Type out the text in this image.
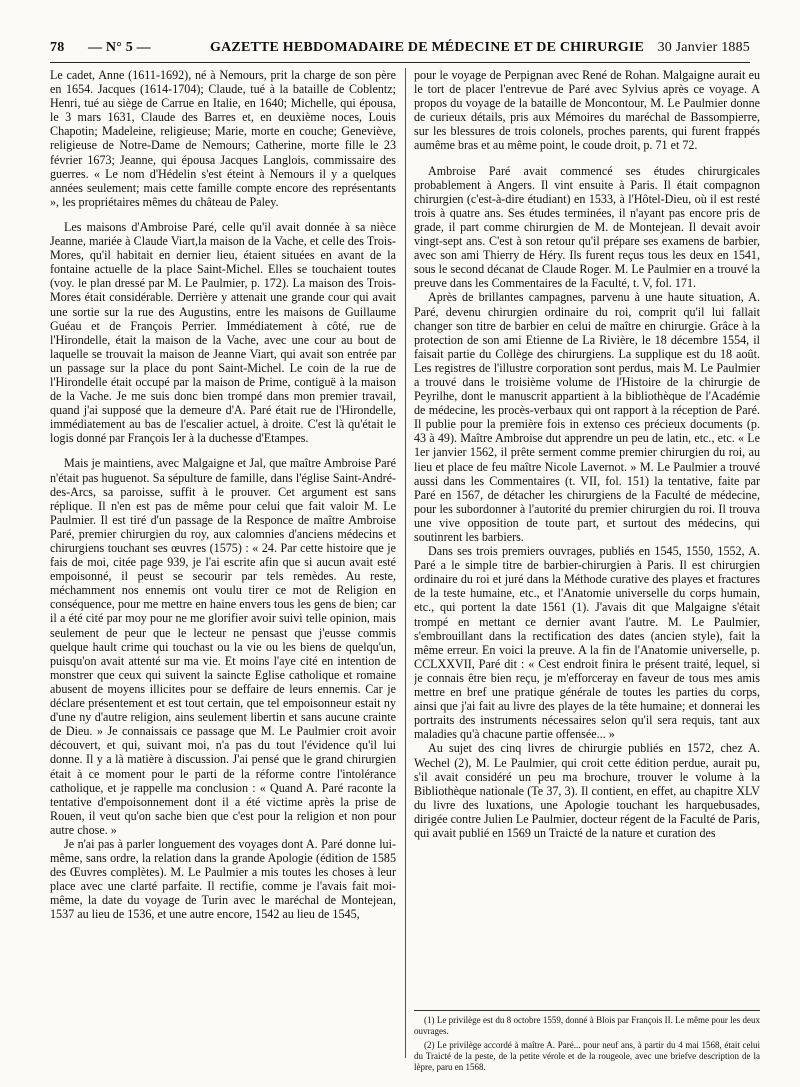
78 — N° 5 —	GAZETTE HEBDOMADAIRE DE MÉDECINE ET DE CHIRURGIE 30 Janvier 1885

Le cadet, Anne (1611-1692), né à Nemours, prit la charge de son père en 1654. Jacques (1614-1704); Claude, tué à la bataille de Coblentz; Henri, tué au siège de Carrue en Italie, en 1640; Michelle, qui épousa, le 3 mars 1631, Claude des Barres et, en deuxième noces, Louis Chapotin; Madeleine, religieuse; Marie, morte en couche; Geneviève, religieuse de Notre-Dame de Nemours; Catherine, morte fille le 23 février 1673; Jeanne, qui épousa Jacques Langlois, commissaire des guerres. « Le nom d'Hédelin s'est éteint à Nemours il y a quelques années seulement; mais cette famille compte encore des représentants », les propriétaires mêmes du château de Paley.

Les maisons d'Ambroise Paré, celle qu'il avait donnée à sa nièce Jeanne, mariée à Claude Viart,la maison de la Vache, et celle des Trois-Mores, qu'il habitait en dernier lieu, étaient situées en avant de la fontaine actuelle de la place Saint-Michel. Elles se touchaient toutes (voy. le plan dressé par M. Le Paulmier, p. 172). La maison des Trois-Mores était considérable. Derrière y attenait une grande cour qui avait une sortie sur la rue des Augustins, entre les maisons de Guillaume Guéau et de François Perrier. Immédiatement à côté, rue de l'Hirondelle, était la maison de la Vache, avec une cour au bout de laquelle se trouvait la maison de Jeanne Viart, qui avait son entrée par un passage sur la place du pont Saint-Michel. Le coin de la rue de l'Hirondelle était occupé par la maison de Prime, contiguë à la maison de la Vache. Je me suis donc bien trompé dans mon premier travail, quand j'ai supposé que la demeure d'A. Paré était rue de l'Hirondelle, immédiatement au bas de l'escalier actuel, à droite. C'est là qu'était le logis donné par François Ier à la duchesse d'Etampes.

Mais je maintiens, avec Malgaigne et Jal, que maître Ambroise Paré n'était pas huguenot. Sa sépulture de famille, dans l'église Saint-André-des-Arcs, sa paroisse, suffit à le prouver. Cet argument est sans réplique. Il n'en est pas de même pour celui que fait valoir M. Le Paulmier. Il est tiré d'un passage de la Responce de maître Ambroise Paré, premier chirurgien du roy, aux calomnies d'anciens médecins et chirurgiens touchant ses œuvres (1575) : « 24. Par cette histoire que je fais de moi, citée page 939, je l'ai escrite afin que si aucun avait esté empoisonné, il peust se secourir par tels remèdes. Au reste, méchamment nos ennemis ont voulu tirer ce mot de Religion en conséquence, pour me mettre en haine envers tous les gens de bien; car il a été cité par moy pour ne me glorifier avoir suivi telle opinion, mais seulement de peur que le lecteur ne pensast que j'eusse commis quelque hault crime qui touchast ou la vie ou les biens de quelqu'un, puisqu'on avait attenté sur ma vie. Et moins l'aye cité en intention de monstrer que ceux qui suivent la saincte Eglise catholique et romaine abusent de moyens illicites pour se deffaire de leurs ennemis. Car je déclare présentement et est tout certain, que tel empoisonneur estait ny d'une ny d'autre religion, ains seulement libertin et sans aucune crainte de Dieu. » Je connaissais ce passage que M. Le Paulmier croit avoir découvert, et qui, suivant moi, n'a pas du tout l'évidence qu'il lui donne. Il y a là matière à discussion. J'ai pensé que le grand chirurgien était à ce moment pour le parti de la réforme contre l'intolérance catholique, et je rappelle ma conclusion : « Quand A. Paré raconte la tentative d'empoisonnement dont il a été victime après la prise de Rouen, il veut qu'on sache bien que c'est pour la religion et non pour autre chose. »

Je n'ai pas à parler longuement des voyages dont A. Paré donne lui-même, sans ordre, la relation dans la grande Apologie (édition de 1585 des Œuvres complètes). M. Le Paulmier a mis toutes les choses à leur place avec une clarté parfaite. Il rectifie, comme je l'avais fait moi-même, la date du voyage de Turin avec le maréchal de Montejean, 1537 au lieu de 1536, et une autre encore, 1542 au lieu de 1545,

pour le voyage de Perpignan avec René de Rohan. Malgaigne aurait eu le tort de placer l'entrevue de Paré avec Sylvius après ce voyage. A propos du voyage de la bataille de Moncontour, M. Le Paulmier donne de curieux détails, pris aux Mémoires du maréchal de Bassompierre, sur les blessures de trois colonels, proches parents, qui furent frappés aumême bras et au même point, le coude droit, p. 71 et 72.

Ambroise Paré avait commencé ses études chirurgicales probablement à Angers. Il vint ensuite à Paris. Il était compagnon chirurgien (c'est-à-dire étudiant) en 1533, à l'Hôtel-Dieu, où il est resté trois à quatre ans. Ses études terminées, il n'ayant pas encore pris de grade, il part comme chirurgien de M. de Montejean. Il devait avoir vingt-sept ans. C'est à son retour qu'il prépare ses examens de barbier, avec son ami Thierry de Héry. Ils furent reçus tous les deux en 1541, sous le second décanat de Claude Roger. M. Le Paulmier en a trouvé la preuve dans les Commentaires de la Faculté, t. V, fol. 171.

Après de brillantes campagnes, parvenu à une haute situation, A. Paré, devenu chirurgien ordinaire du roi, comprit qu'il lui fallait changer son titre de barbier en celui de maître en chirurgie. Grâce à la protection de son ami Etienne de La Rivière, le 18 décembre 1554, il faisait partie du Collège des chirurgiens. La supplique est du 18 août. Les registres de l'illustre corporation sont perdus, mais M. Le Paulmier a trouvé dans le troisième volume de l'Histoire de la chirurgie de Peyrilhe, dont le manuscrit appartient à la bibliothèque de l'Académie de médecine, les procès-verbaux qui ont rapport à la réception de Paré. Il publie pour la première fois in extenso ces précieux documents (p. 43 à 49). Maître Ambroise dut apprendre un peu de latin, etc., etc. « Le 1er janvier 1562, il prête serment comme premier chirurgien du roi, au lieu et place de feu maître Nicole Lavernot. » M. Le Paulmier a trouvé aussi dans les Commentaires (t. VII, fol. 151) la tentative, faite par Paré en 1567, de détacher les chirurgiens de la Faculté de médecine, pour les subordonner à l'autorité du premier chirurgien du roi. Il trouva une vive opposition de toute part, et surtout des médecins, qui soutinrent les barbiers.

Dans ses trois premiers ouvrages, publiés en 1545, 1550, 1552, A. Paré a le simple titre de barbier-chirurgien à Paris. Il est chirurgien ordinaire du roi et juré dans la Méthode curative des playes et fractures de la teste humaine, etc., et l'Anatomie universelle du corps humain, etc., qui portent la date 1561 (1). J'avais dit que Malgaigne s'était trompé en mettant ce dernier avant l'autre. M. Le Paulmier, s'embrouillant dans la rectification des dates (ancien style), fait la même erreur. En voici la preuve. A la fin de l'Anatomie universelle, p. CCLXXVII, Paré dit : « Cest endroit finira le présent traité, lequel, si je connais être bien reçu, je m'efforceray en faveur de tous mes amis mettre en bref une pratique générale de toutes les parties du corps, ainsi que j'ai fait au livre des playes de la tête humaine; et donnerai les portraits des instruments nécessaires selon qu'il sera requis, tant aux maladies qu'à chacune partie offensée... »

Au sujet des cinq livres de chirurgie publiés en 1572, chez A. Wechel (2), M. Le Paulmier, qui croit cette édition perdue, aurait pu, s'il avait considéré un peu ma brochure, trouver le volume à la Bibliothèque nationale (Te 37, 3). Il contient, en effet, au chapitre XLV du livre des luxations, une Apologie touchant les harquebusades, dirigée contre Julien Le Paulmier, docteur régent de la Faculté de Paris, qui avait publié en 1569 un Traicté de la nature et curation des

(1) Le privilège est du 8 octobre 1559, donné à Blois par François II. Le même pour les deux ouvrages.

(2) Le privilège accordé à maître A. Paré... pour neuf ans, à partir du 4 mai 1568, était celui du Traicté de la peste, de la petite vérole et de la rougeole, avec une briefve description de la lèpre, paru en 1568.
